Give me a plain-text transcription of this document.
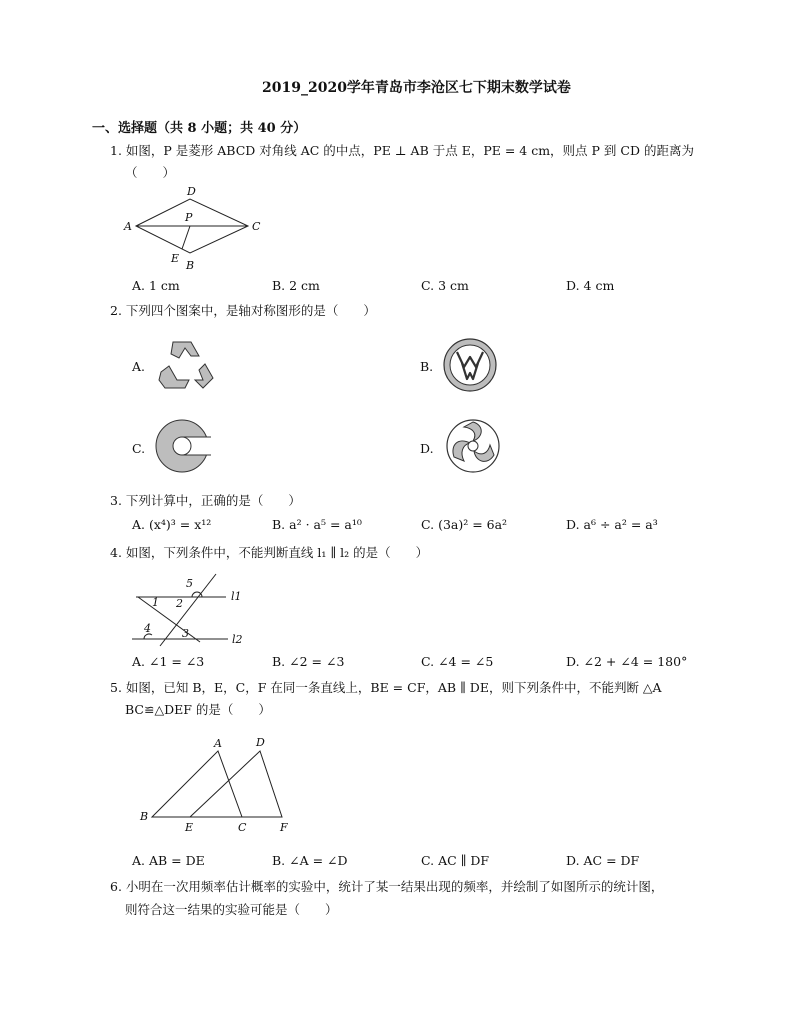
2019_2020学年青岛市李沧区七下期末数学试卷
一、选择题（共 8 小题；共 40 分）
1. 如图，P 是菱形 ABCD 对角线 AC 的中点，PE ⊥ AB 于点 E，PE = 4 cm，则点 P 到 CD 的距离为
（　　）
A
B
C
D
P
E
A. 1 cm	B. 2 cm	C. 3 cm	D. 4 cm
2. 下列四个图案中，是轴对称图形的是（　　）
A.	B.
C.	D.
3. 下列计算中，正确的是（　　）
A. (x⁴)³ = x¹²	B. a² · a⁵ = a¹⁰	C. (3a)² = 6a²	D. a⁶ ÷ a² = a³
4. 如图，下列条件中，不能判断直线 l₁ ∥ l₂ 的是（　　）
5
1 2
l1
4	3	l2
A. ∠1 = ∠3	B. ∠2 = ∠3	C. ∠4 = ∠5	D. ∠2 + ∠4 = 180°
5. 如图，已知 B，E，C，F 在同一条直线上，BE = CF，AB ∥ DE，则下列条件中，不能判断 △A
BC≌△DEF 的是（　　）
B
A	D
E	C	F
A. AB = DE	B. ∠A = ∠D	C. AC ∥ DF	D. AC = DF
6. 小明在一次用频率估计概率的实验中，统计了某一结果出现的频率，并绘制了如图所示的统计图，
则符合这一结果的实验可能是（　　）
